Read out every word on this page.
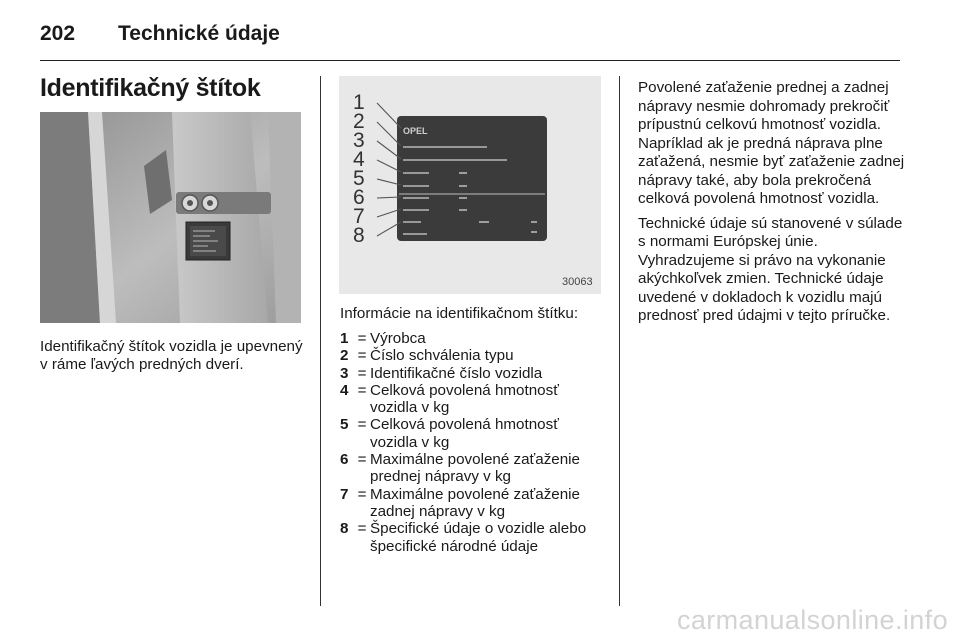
202	Technické údaje
Identifikačný štítok

Identifikačný štítok vozidla je upevnený v ráme ľavých predných dverí.

OPEL
1
2
3
4
5
6
7
8
30063

Informácie na identifikačnom štítku:

1 = Výrobca
2 = Číslo schválenia typu
3 = Identifikačné číslo vozidla
4 = Celková povolená hmotnosť vozidla v kg
5 = Celková povolená hmotnosť vozidla v kg
6 = Maximálne povolené zaťaženie prednej nápravy v kg
7 = Maximálne povolené zaťaženie zadnej nápravy v kg
8 = Špecifické údaje o vozidle alebo špecifické národné údaje

Povolené zaťaženie prednej a zadnej nápravy nesmie dohromady prekročiť prípustnú celkovú hmotnosť vozidla. Napríklad ak je predná náprava plne zaťažená, nesmie byť zaťaženie zadnej nápravy také, aby bola prekročená celková povolená hmotnosť vozidla.

Technické údaje sú stanovené v súlade s normami Európskej únie. Vyhradzujeme si právo na vykonanie akýchkoľvek zmien. Technické údaje uvedené v dokladoch k vozidlu majú prednosť pred údajmi v tejto príručke.

carmanualsonline.info
